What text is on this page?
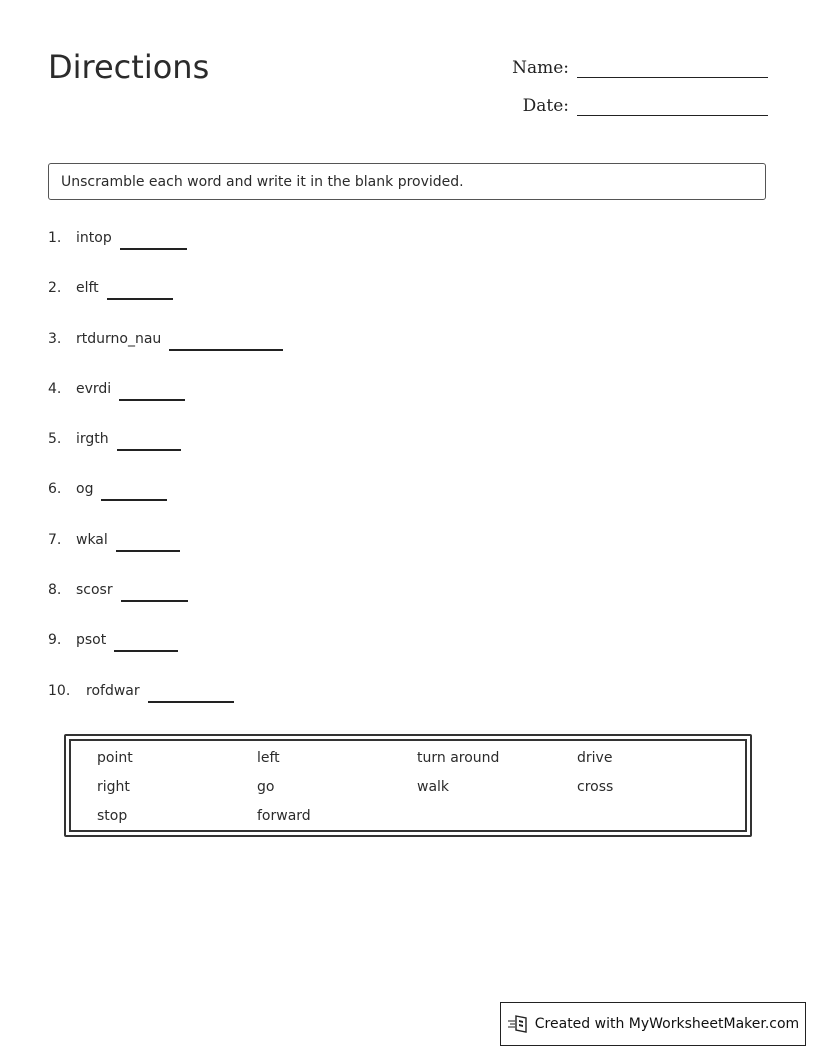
Directions	Name:
Date:
Unscramble each word and write it in the blank provided.
1.	intop
2.	elft
3.	rtdurno_nau
4.	evrdi
5.	irgth
6.	og
7.	wkal
8.	scosr
9.	psot
10.	rofdwar
point	left	turn around	drive
right	go	walk	cross
stop	forward
Created with MyWorksheetMaker.com
